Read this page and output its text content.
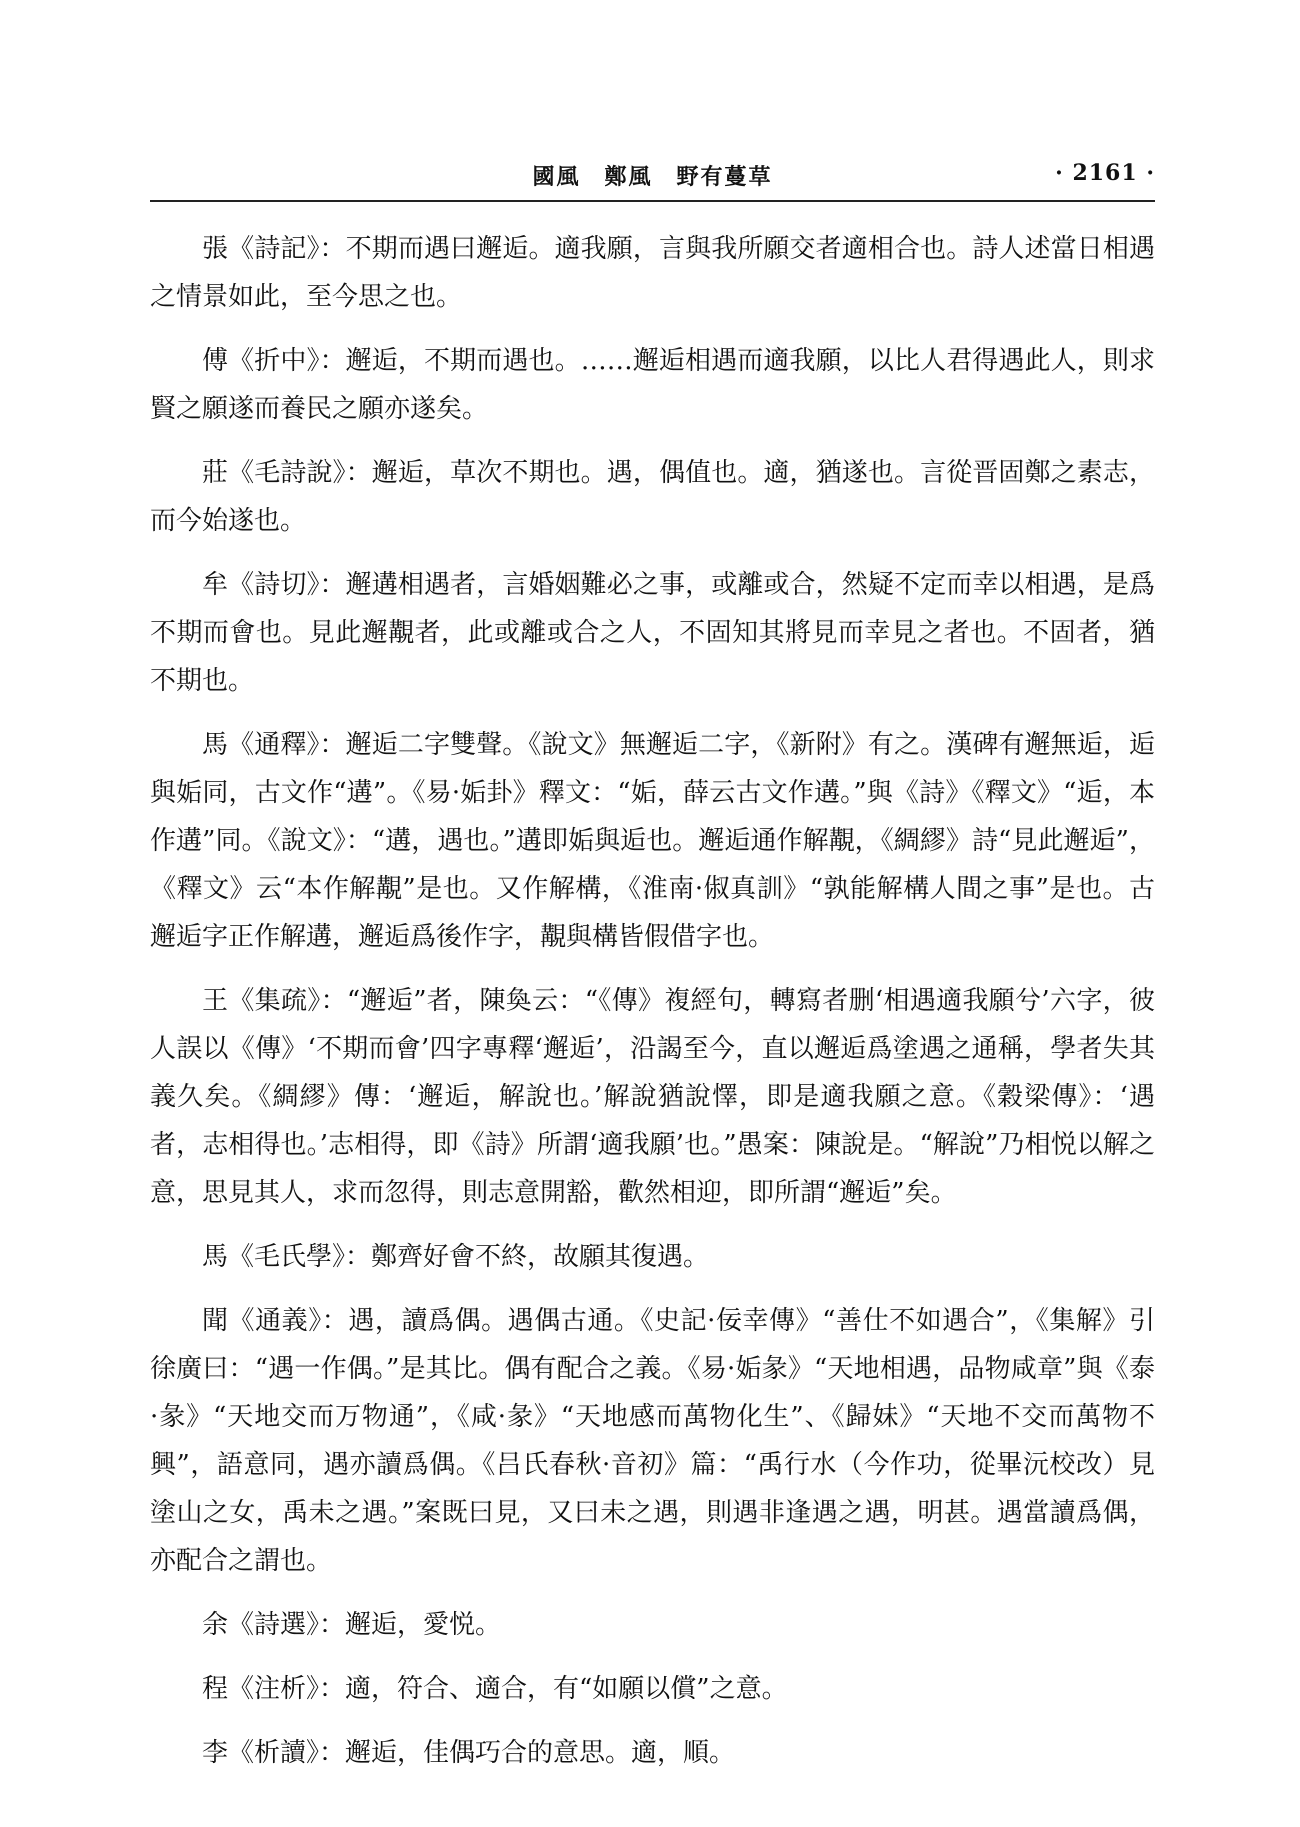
國風　鄭風　野有蔓草	· 2161 ·

張《詩記》：不期而遇曰邂逅。適我願，言與我所願交者適相合也。詩人述當日相遇之情景如此，至今思之也。

傅《折中》：邂逅，不期而遇也。……邂逅相遇而適我願，以比人君得遇此人，則求賢之願遂而養民之願亦遂矣。

莊《毛詩說》：邂逅，草次不期也。遇，偶值也。適，猶遂也。言從晋固鄭之素志，而今始遂也。

牟《詩切》：邂遘相遇者，言婚姻難必之事，或離或合，然疑不定而幸以相遇，是爲不期而會也。見此邂覯者，此或離或合之人，不固知其將見而幸見之者也。不固者，猶不期也。

馬《通釋》：邂逅二字雙聲。《說文》無邂逅二字，《新附》有之。漢碑有邂無逅，逅與姤同，古文作“遘”。《易·姤卦》釋文：“姤，薛云古文作遘。”與《詩》《釋文》“逅，本作遘”同。《說文》：“遘，遇也。”遘即姤與逅也。邂逅通作解覯，《綢繆》詩“見此邂逅”，《釋文》云“本作解覯”是也。又作解構，《淮南·俶真訓》“孰能解構人間之事”是也。古邂逅字正作解遘，邂逅爲後作字，覯與構皆假借字也。

王《集疏》：“邂逅”者，陳奐云：“《傳》複經句，轉寫者删‘相遇適我願兮’六字，彼人誤以《傳》‘不期而會’四字專釋‘邂逅’，沿謁至今，直以邂逅爲塗遇之通稱，學者失其義久矣。《綢繆》傳：‘邂逅，解說也。’解說猶說懌，即是適我願之意。《穀梁傳》：‘遇者，志相得也。’志相得，即《詩》所謂‘適我願’也。”愚案：陳說是。“解說”乃相悦以解之意，思見其人，求而忽得，則志意開豁，歡然相迎，即所謂“邂逅”矣。

馬《毛氏學》：鄭齊好會不終，故願其復遇。

聞《通義》：遇，讀爲偶。遇偶古通。《史記·佞幸傳》“善仕不如遇合”，《集解》引徐廣曰：“遇一作偶。”是其比。偶有配合之義。《易·姤彖》“天地相遇，品物咸章”與《泰·彖》“天地交而万物通”，《咸·彖》“天地感而萬物化生”、《歸妹》“天地不交而萬物不興”，語意同，遇亦讀爲偶。《吕氏春秋·音初》篇：“禹行水（今作功，從畢沅校改）見塗山之女，禹未之遇。”案既曰見，又曰未之遇，則遇非逢遇之遇，明甚。遇當讀爲偶，亦配合之謂也。

余《詩選》：邂逅，愛悦。

程《注析》：適，符合、適合，有“如願以償”之意。

李《析讀》：邂逅，佳偶巧合的意思。適，順。
